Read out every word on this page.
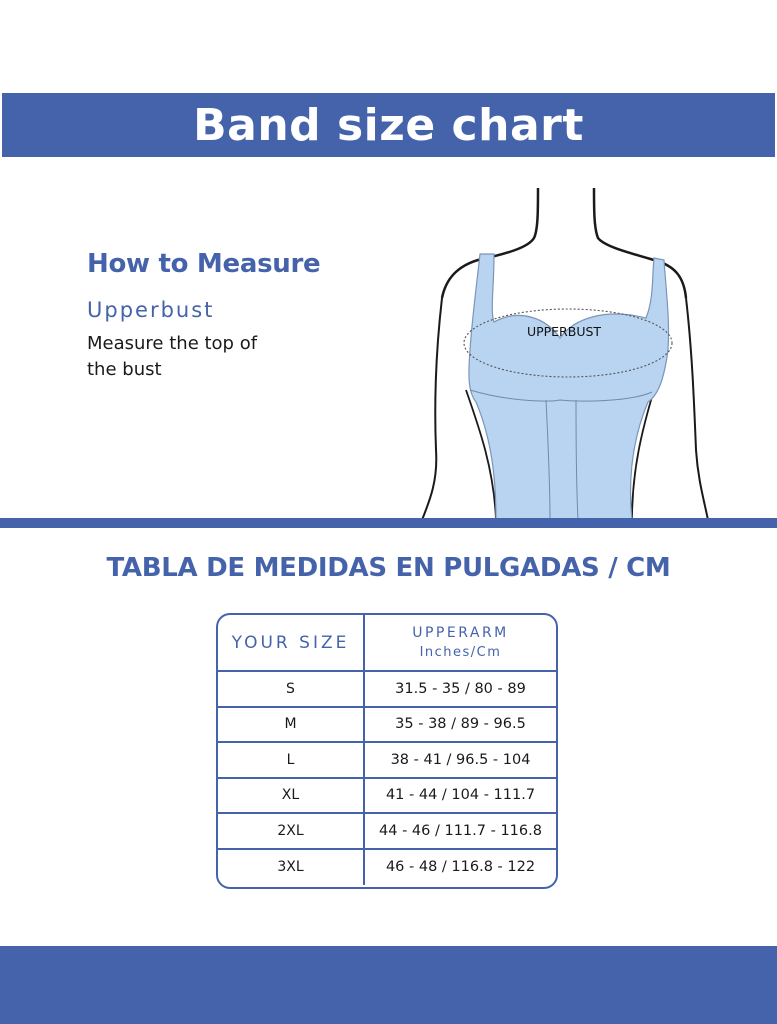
Band size chart
How to Measure
Upperbust
Measure the top of the bust
UPPERBUST
TABLA DE MEDIDAS EN PULGADAS / CM
YOUR SIZE	UPPERARM
Inches/Cm
S	31.5 - 35 / 80 - 89
M	35 - 38 / 89 - 96.5
L	38 - 41 / 96.5 - 104
XL	41 - 44 / 104 - 111.7
2XL	44 - 46 / 111.7 - 116.8
3XL	46 - 48 / 116.8 - 122
